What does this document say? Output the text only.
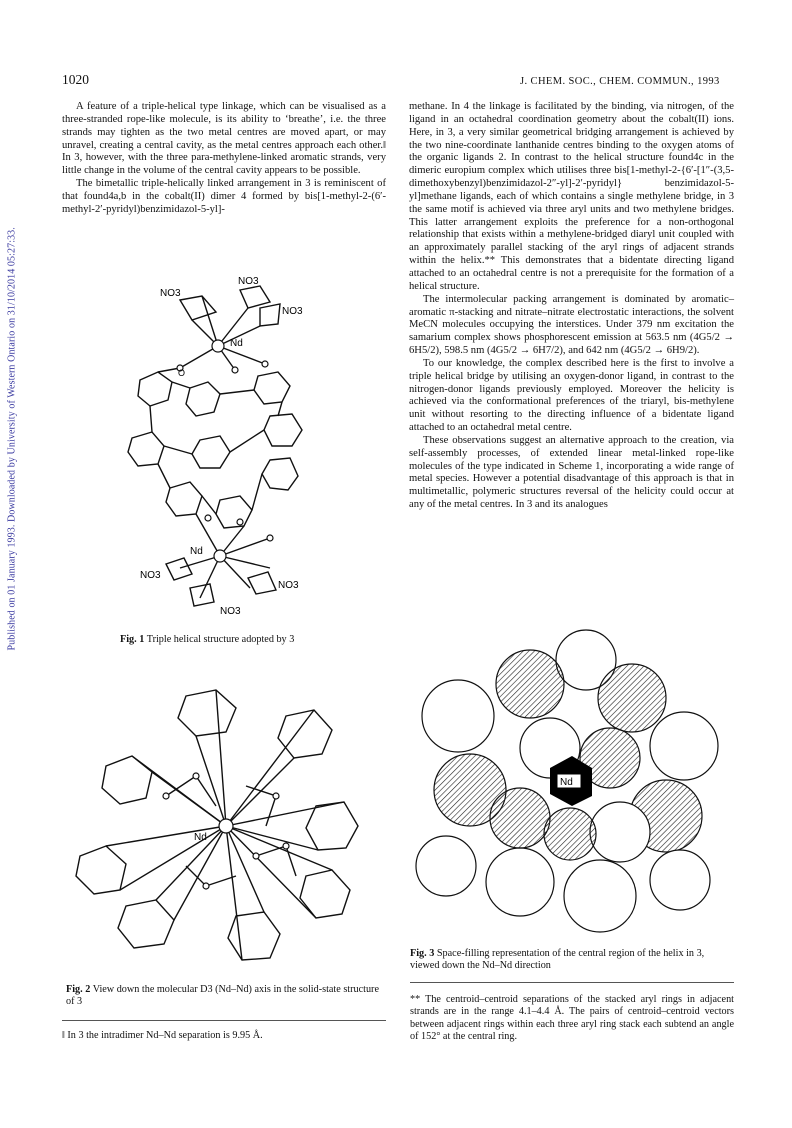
Published on 01 January 1993. Downloaded by University of Western Ontario on 31/10/2014 05:27:33.
1020	J. CHEM. SOC., CHEM. COMMUN., 1993

A feature of a triple-helical type linkage, which can be visualised as a three-stranded rope-like molecule, is its ability to ‘breathe’, i.e. the three strands may tighten as the two metal centres are moved apart, or may unravel, creating a central cavity, as the metal centres approach each other.‖ In 3, however, with the three para-methylene-linked aromatic strands, very little change in the volume of the central cavity appears to be possible.

The bimetallic triple-helically linked arrangement in 3 is reminiscent of that found4a,b in the cobalt(II) dimer 4 formed by bis[1-methyl-2-(6′-methyl-2′-pyridyl)benzimidazol-5-yl]-

methane. In 4 the linkage is facilitated by the binding, via nitrogen, of the ligand in an octahedral coordination geometry about the cobalt(II) ions. Here, in 3, a very similar geometrical bridging arrangement is achieved by the two nine-coordinate lanthanide centres binding to the oxygen atoms of the organic ligands 2. In contrast to the helical structure found4c in the dimeric europium complex which utilises three bis[1-methyl-2-{6′-[1″-(3,5-dimethoxybenzyl)benzimidazol-2″-yl]-2′-pyridyl} benzimidazol-5-yl]methane ligands, each of which contains a single methylene bridge, in 3 the same motif is achieved via three aryl units and two methylene bridges. This latter arrangement exploits the preference for a non-orthogonal relationship that exists within a methylene-bridged diaryl unit coupled with an approximately parallel stacking of the aryl rings of adjacent strands within the helix.** This demonstrates that a bidentate directing ligand attached to an octahedral centre is not a prerequisite for the formation of a helical structure.

The intermolecular packing arrangement is dominated by aromatic–aromatic π-stacking and nitrate–nitrate electrostatic interactions, the solvent MeCN molecules occupying the interstices. Under 379 nm excitation the samarium complex shows phosphorescent emission at 563.5 nm (4G5/2 → 6H5/2), 598.5 nm (4G5/2 → 6H7/2), and 642 nm (4G5/2 → 6H9/2).

To our knowledge, the complex described here is the first to involve a triple helical bridge by utilising an oxygen-donor ligand, in contrast to the nitrogen-donor ligands previously employed. Moreover the helicity is achieved via the conformational preferences of the triaryl, bis-methylene unit without resorting to the directing influence of a bidentate ligand attached to an octahedral metal centre.

These observations suggest an alternative approach to the creation, via self-assembly processes, of extended linear metal-linked rope-like molecules of the type indicated in Scheme 1, incorporating a wide range of metal species. However a potential disadvantage of this approach is that in multimetallic, polymeric structures reversal of the helicity could occur at any of the metal centres. In 3 and its analogues

NO3
NO3
NO3
Nd
O
Nd
NO3
NO3
NO3
Fig. 1 Triple helical structure adopted by 3
Nd
Fig. 2 View down the molecular D3 (Nd–Nd) axis in the solid-state structure of 3
Nd
Fig. 3 Space-filling representation of the central region of the helix in 3, viewed down the Nd–Nd direction
‖ In 3 the intradimer Nd–Nd separation is 9.95 Å.
** The centroid–centroid separations of the stacked aryl rings in adjacent strands are in the range 4.1–4.4 Å. The pairs of centroid–centroid vectors between adjacent rings within each three aryl ring stack each subtend an angle of 152° at the central ring.
